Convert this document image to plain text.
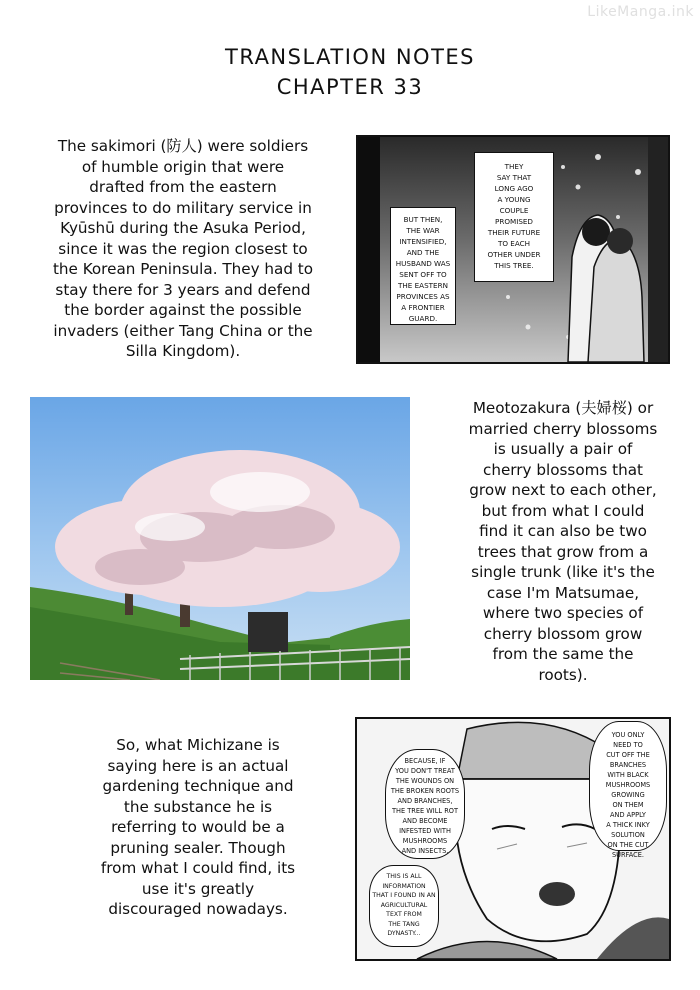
LikeManga.ink
TRANSLATION NOTES
CHAPTER 33
The sakimori (防人) were soldiers
of humble origin that were
drafted from the eastern
provinces to do military service in
Kyūshū during the Asuka Period,
since it was the region closest to
the Korean Peninsula. They had to
stay there for 3 years and defend
the border against the possible
invaders (either Tang China or the
Silla Kingdom).
BUT THEN,
THE WAR
INTENSIFIED,
AND THE
HUSBAND WAS
SENT OFF TO
THE EASTERN
PROVINCES AS
A FRONTIER
GUARD.
THEY
SAY THAT
LONG AGO
A YOUNG
COUPLE
PROMISED
THEIR FUTURE
TO EACH
OTHER UNDER
THIS TREE.
Meotozakura (夫婦桜) or
married cherry blossoms
is usually a pair of
cherry blossoms that
grow next to each other,
but from what I could
find it can also be two
trees that grow from a
single trunk (like it's the
case I'm Matsumae,
where two species of
cherry blossom grow
from the same the
roots).
So, what Michizane is
saying here is an actual
gardening technique and
the substance he is
referring to would be a
pruning sealer. Though
from what I could find, its
use it's greatly
discouraged nowadays.
BECAUSE, IF
YOU DON'T TREAT
THE WOUNDS ON
THE BROKEN ROOTS
AND BRANCHES,
THE TREE WILL ROT
AND BECOME
INFESTED WITH
MUSHROOMS
AND INSECTS.
YOU ONLY
NEED TO
CUT OFF THE
BRANCHES
WITH BLACK
MUSHROOMS
GROWING
ON THEM
AND APPLY
A THICK INKY
SOLUTION
ON THE CUT
SURFACE.
THIS IS ALL
INFORMATION
THAT I FOUND IN AN
AGRICULTURAL
TEXT FROM
THE TANG
DYNASTY...
